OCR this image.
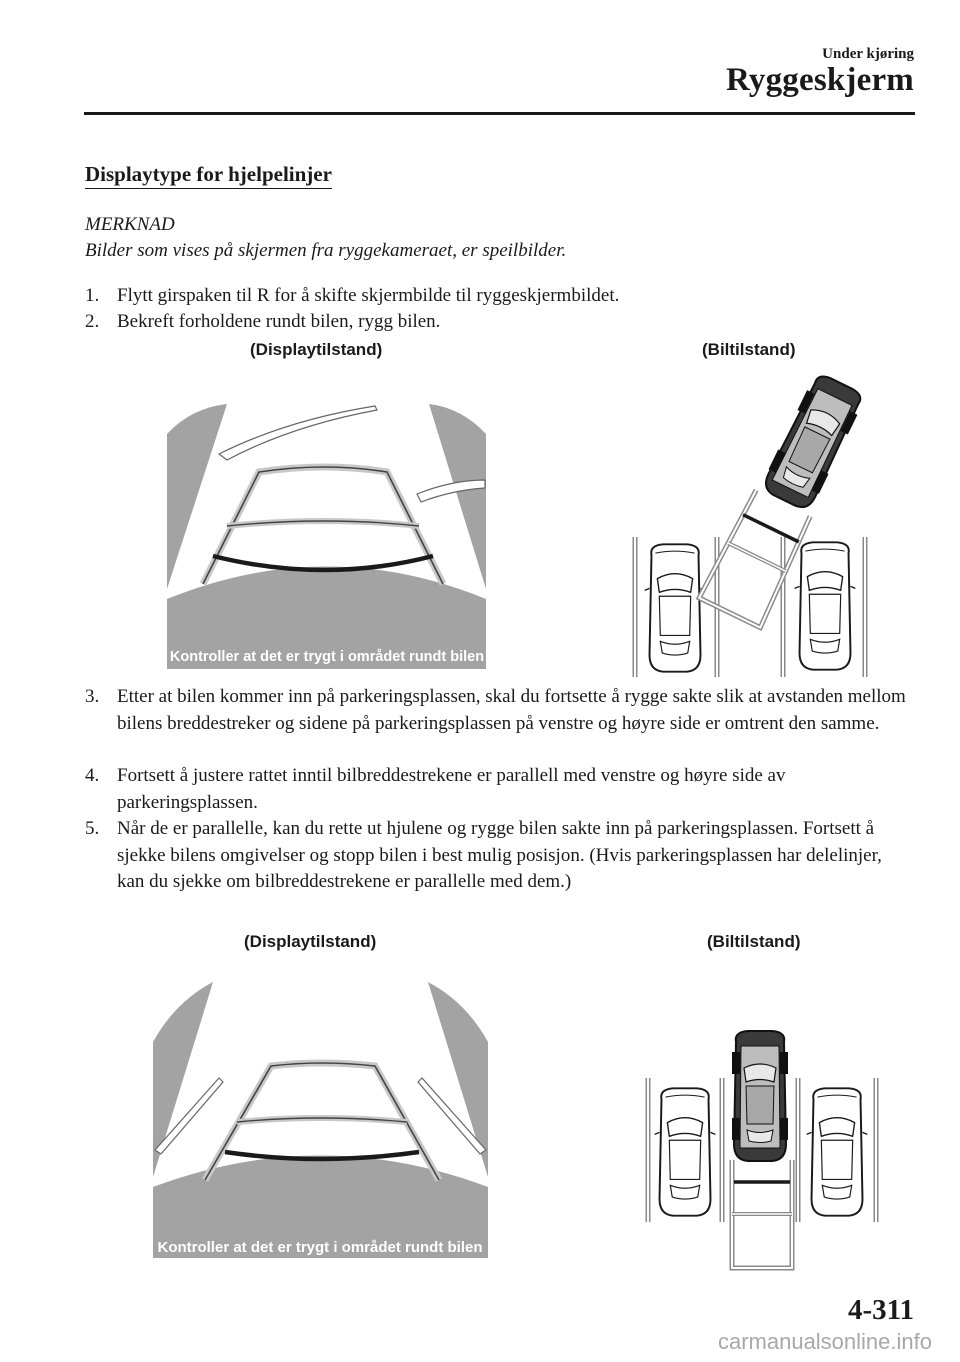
Under kjøring
Ryggeskjerm
Displaytype for hjelpelinjer
MERKNAD
Bilder som vises på skjermen fra ryggekameraet, er speilbilder.
1. Flytt girspaken til R for å skifte skjermbilde til ryggeskjermbildet.
2. Bekreft forholdene rundt bilen, rygg bilen.
(Displaytilstand)	(Biltilstand)
Kontroller at det er trygt i området rundt bilen
3. Etter at bilen kommer inn på parkeringsplassen, skal du fortsette å rygge sakte slik at avstanden mellom bilens breddestreker og sidene på parkeringsplassen på venstre og høyre side er omtrent den samme.
4. Fortsett å justere rattet inntil bilbreddestrekene er parallell med venstre og høyre side av parkeringsplassen.
5. Når de er parallelle, kan du rette ut hjulene og rygge bilen sakte inn på parkeringsplassen. Fortsett å sjekke bilens omgivelser og stopp bilen i best mulig posisjon. (Hvis parkeringsplassen har delelinjer, kan du sjekke om bilbreddestrekene er parallelle med dem.)
(Displaytilstand)	(Biltilstand)
Kontroller at det er trygt i området rundt bilen
4-311
carmanualsonline.info
